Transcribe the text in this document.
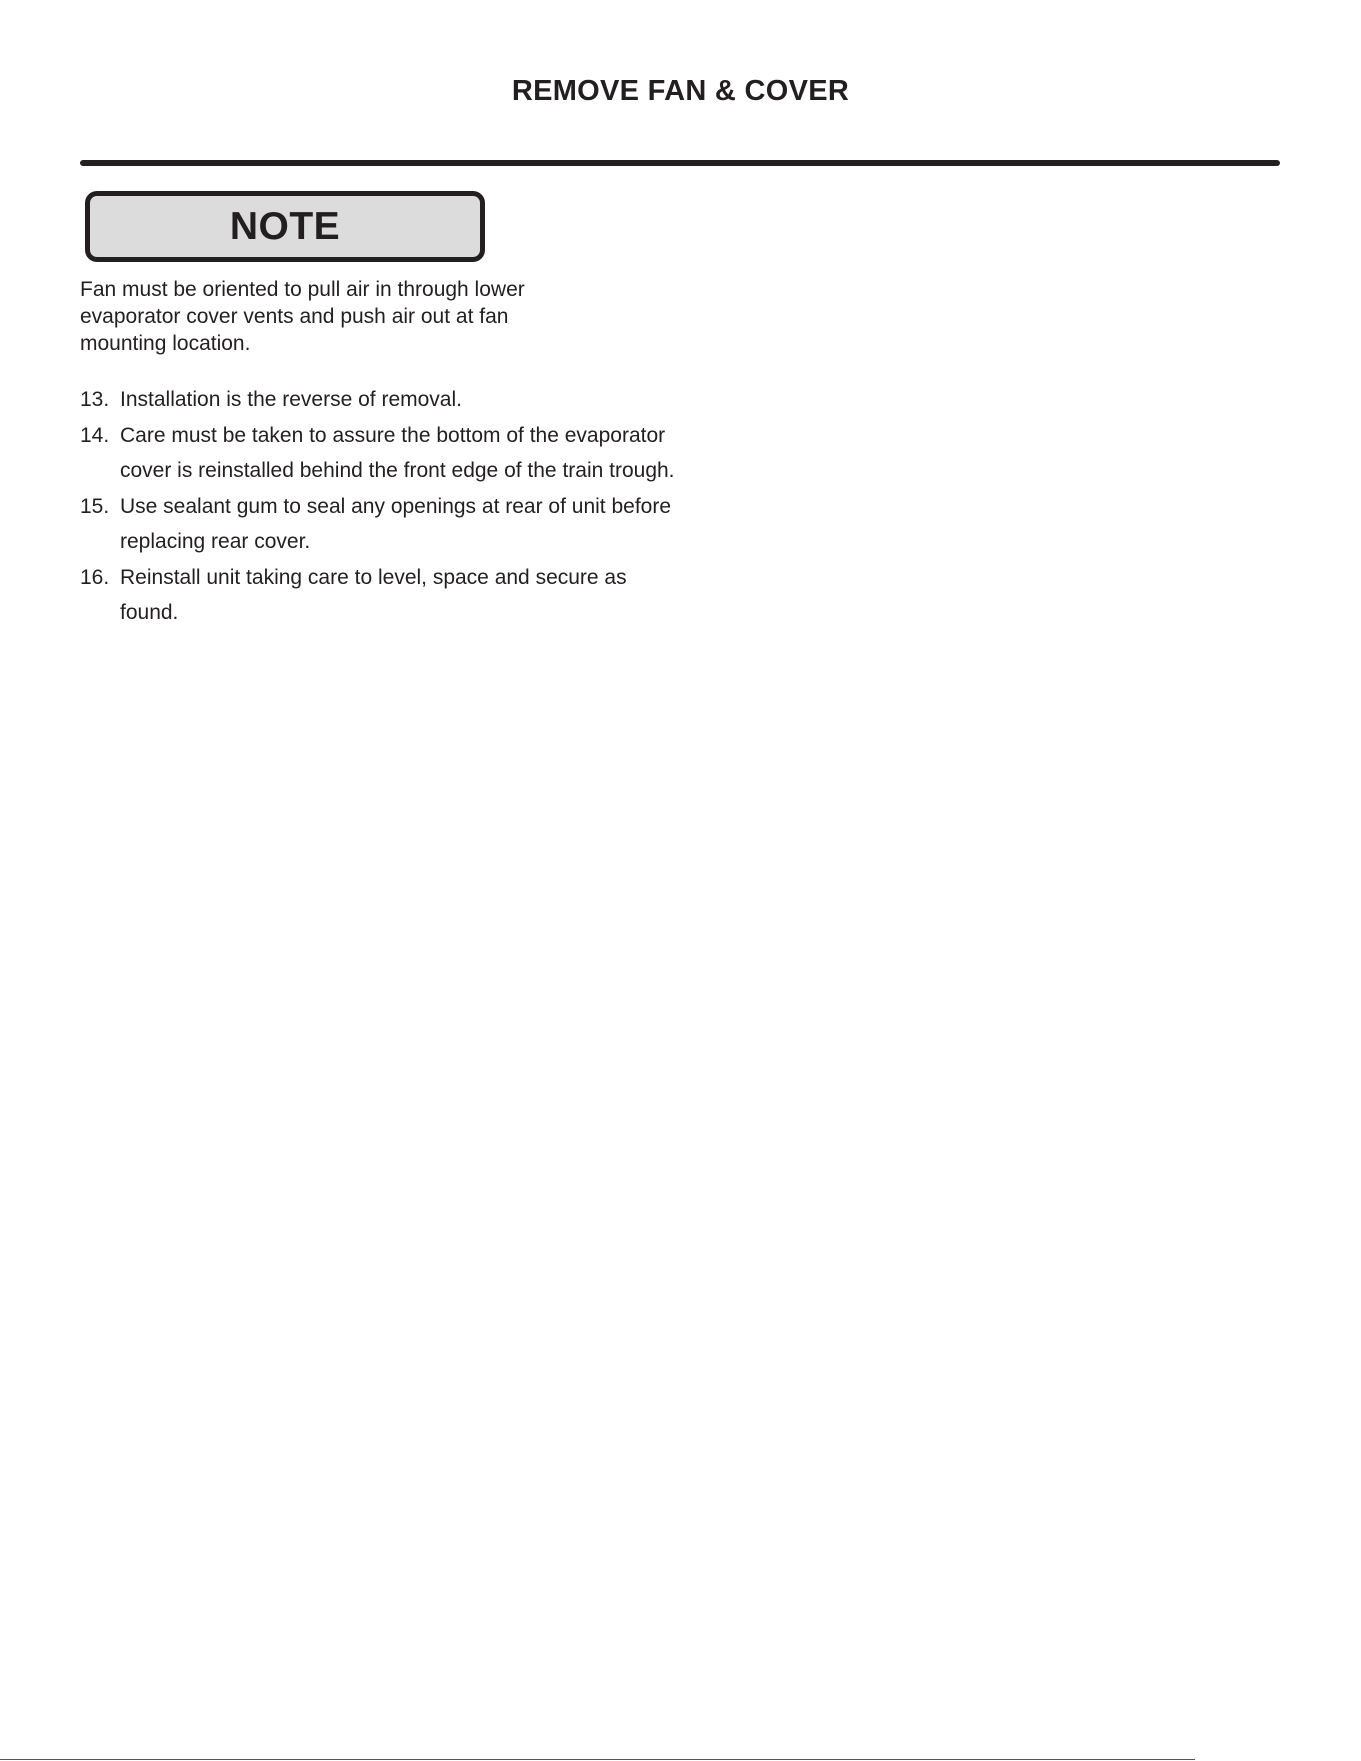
REMOVE FAN & COVER
NOTE
Fan must be oriented to pull air in through lower evaporator cover vents and push air out at fan mounting location.
13. Installation is the reverse of removal.
14. Care must be taken to assure the bottom of the evaporator cover is reinstalled behind the front edge of the train trough.
15. Use sealant gum to seal any openings at rear of unit before replacing rear cover.
16. Reinstall unit taking care to level, space and secure as found.
